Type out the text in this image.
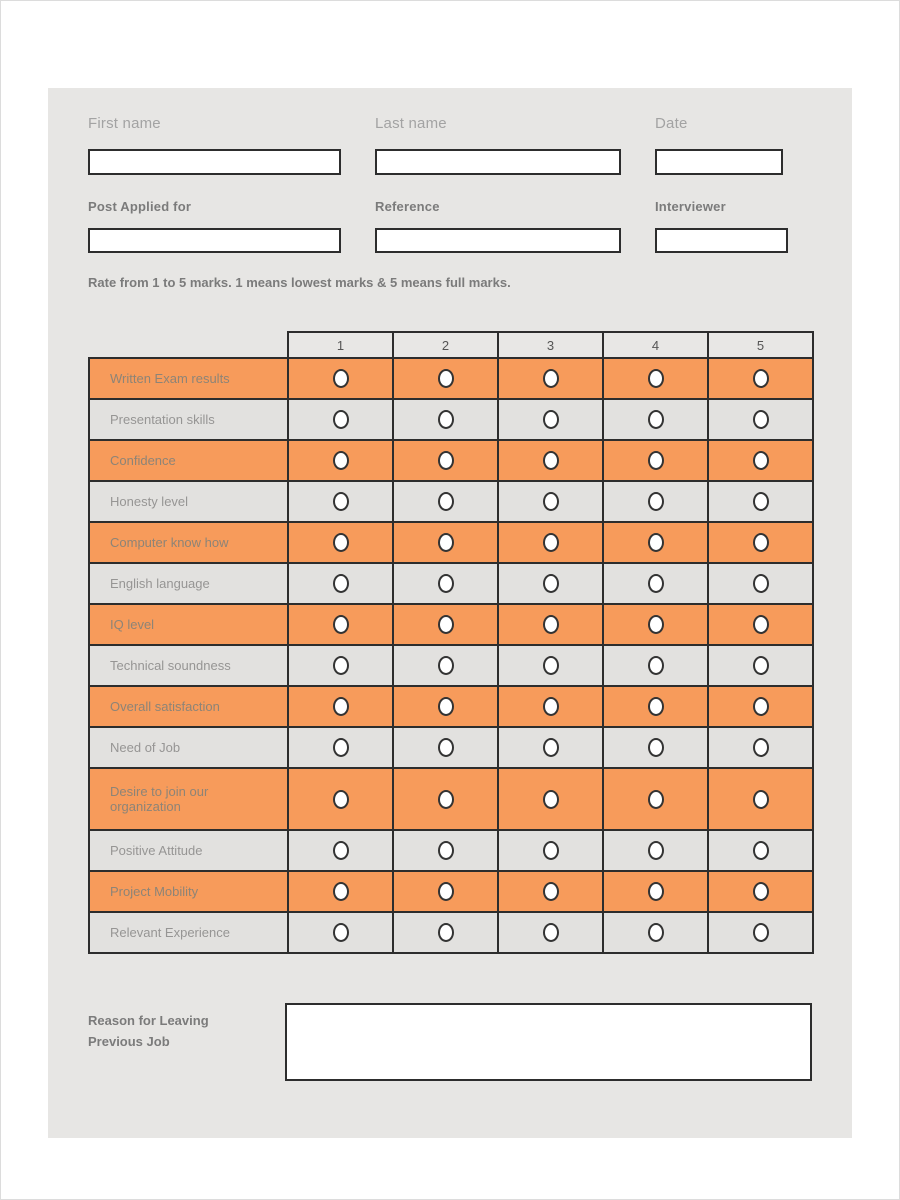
First name	Last name	Date
Post Applied for	Reference	Interviewer
Rate from 1 to 5 marks. 1 means lowest marks & 5 means full marks.
	1	2	3	4	5
Written Exam results					
Presentation skills					
Confidence					
Honesty level					
Computer know how					
English language					
IQ level					
Technical soundness					
Overall satisfaction					
Need of Job					
Desire to join our organization					
Positive Attitude					
Project Mobility					
Relevant Experience					
Reason for Leaving Previous Job
